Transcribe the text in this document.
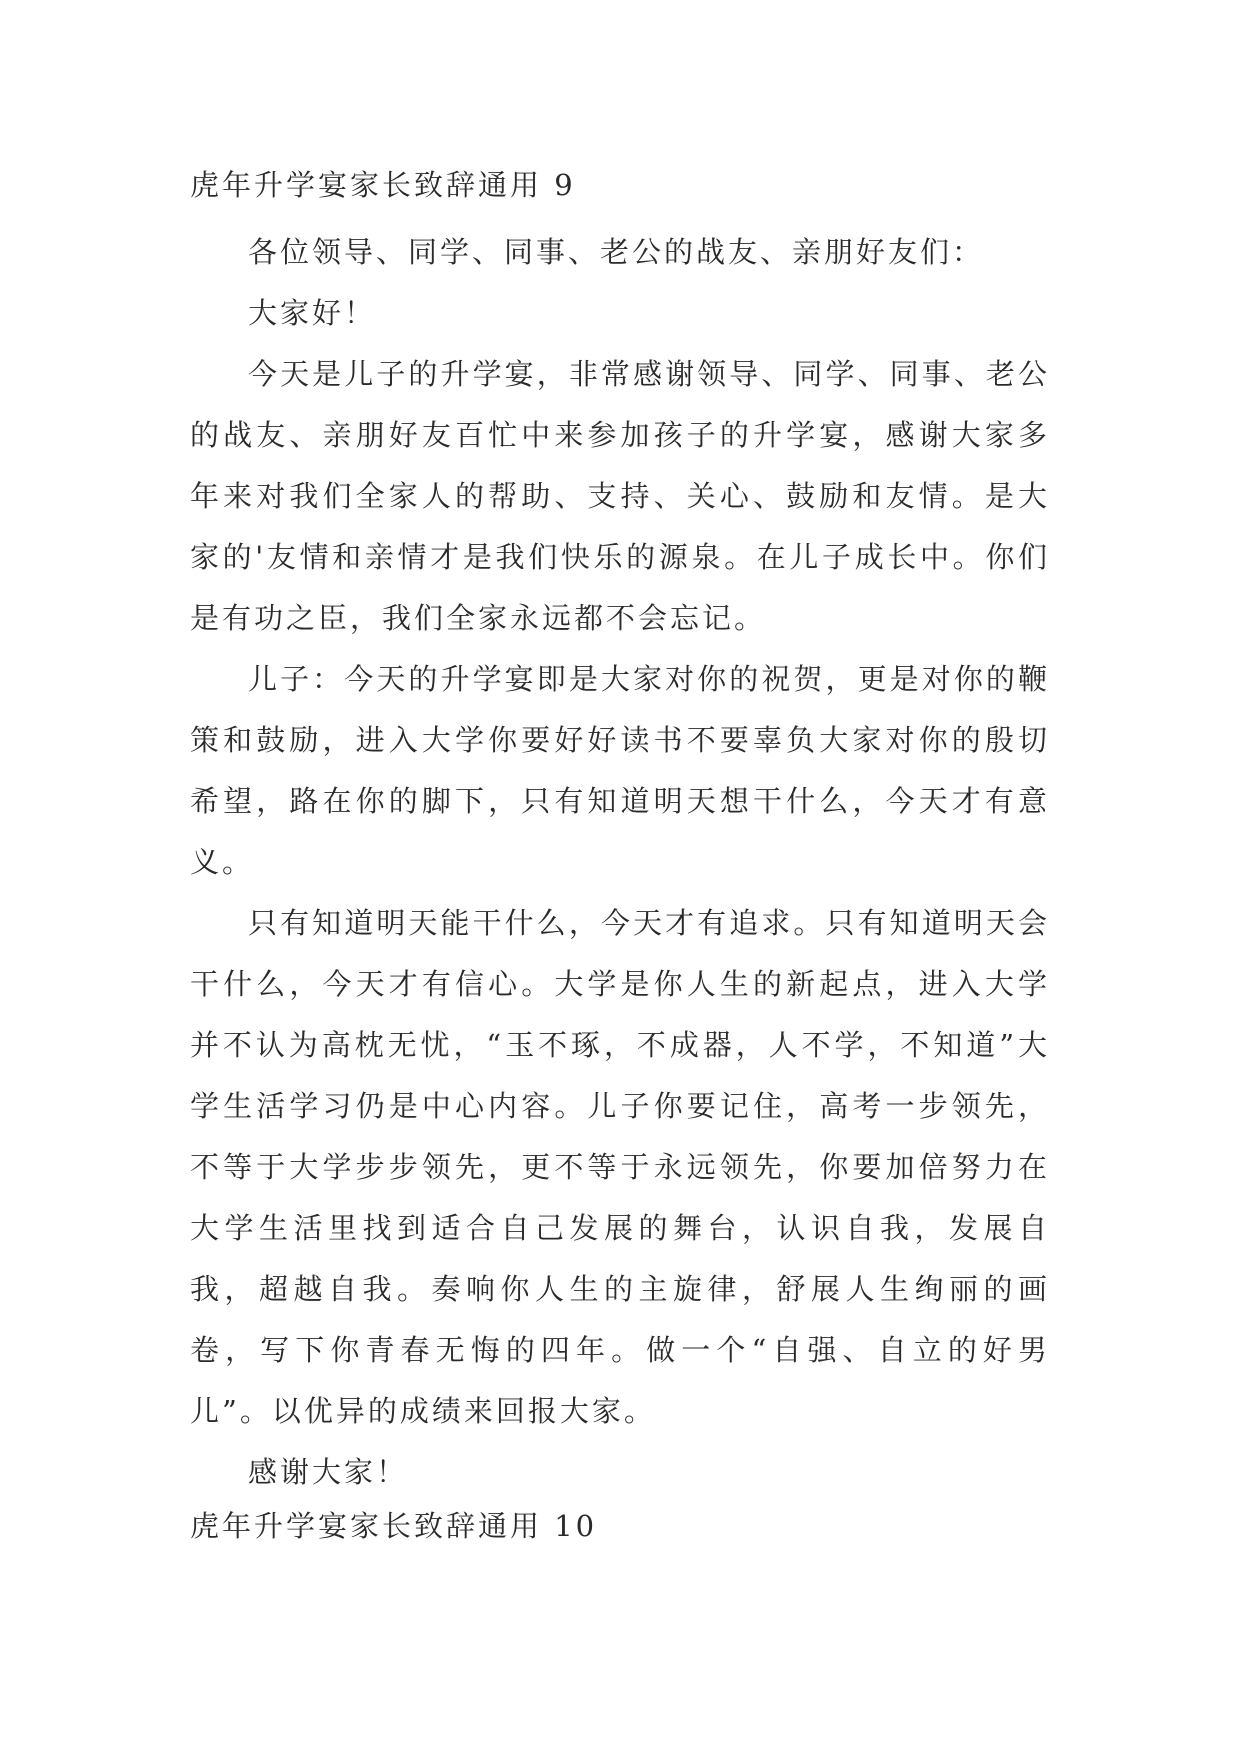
虎年升学宴家长致辞通用 9

各位领导、同学、同事、老公的战友、亲朋好友们：

大家好！

今天是儿子的升学宴，非常感谢领导、同学、同事、老公的战友、亲朋好友百忙中来参加孩子的升学宴，感谢大家多年来对我们全家人的帮助、支持、关心、鼓励和友情。是大家的'友情和亲情才是我们快乐的源泉。在儿子成长中。你们是有功之臣，我们全家永远都不会忘记。

儿子：今天的升学宴即是大家对你的祝贺，更是对你的鞭策和鼓励，进入大学你要好好读书不要辜负大家对你的殷切希望，路在你的脚下，只有知道明天想干什么，今天才有意义。

只有知道明天能干什么，今天才有追求。只有知道明天会干什么，今天才有信心。大学是你人生的新起点，进入大学并不认为高枕无忧，“玉不琢，不成器，人不学，不知道”大学生活学习仍是中心内容。儿子你要记住，高考一步领先，不等于大学步步领先，更不等于永远领先，你要加倍努力在大学生活里找到适合自己发展的舞台，认识自我，发展自我，超越自我。奏响你人生的主旋律，舒展人生绚丽的画卷，写下你青春无悔的四年。做一个“自强、自立的好男儿”。以优异的成绩来回报大家。

感谢大家！

虎年升学宴家长致辞通用 10
